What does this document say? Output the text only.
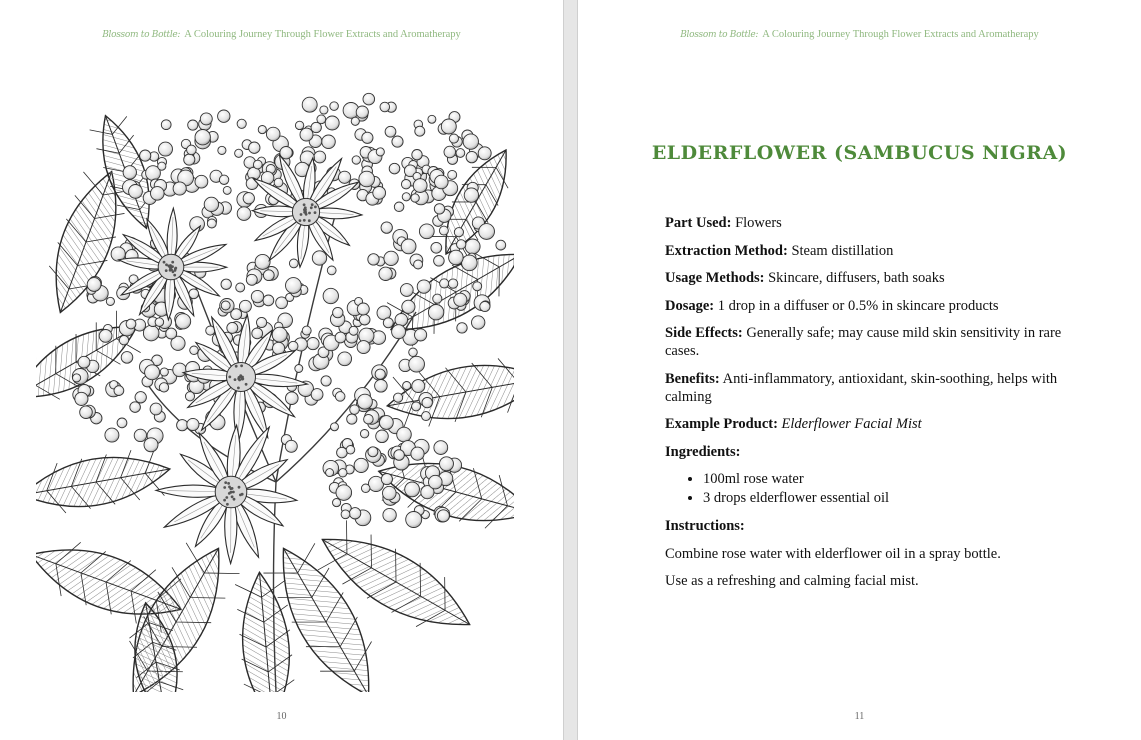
Blossom to Bottle: A Colouring Journey Through Flower Extracts and Aromatherapy
10
Blossom to Bottle: A Colouring Journey Through Flower Extracts and Aromatherapy
ELDERFLOWER (SAMBUCUS NIGRA)

Part Used: Flowers

Extraction Method: Steam distillation

Usage Methods: Skincare, diffusers, bath soaks

Dosage: 1 drop in a diffuser or 0.5% in skincare products

Side Effects: Generally safe; may cause mild skin sensitivity in rare cases.

Benefits: Anti-inflammatory, antioxidant, skin-soothing, helps with calming

Example Product: Elderflower Facial Mist

Ingredients:

• 100ml rose water
• 3 drops elderflower essential oil

Instructions:

Combine rose water with elderflower oil in a spray bottle.

Use as a refreshing and calming facial mist.

11
